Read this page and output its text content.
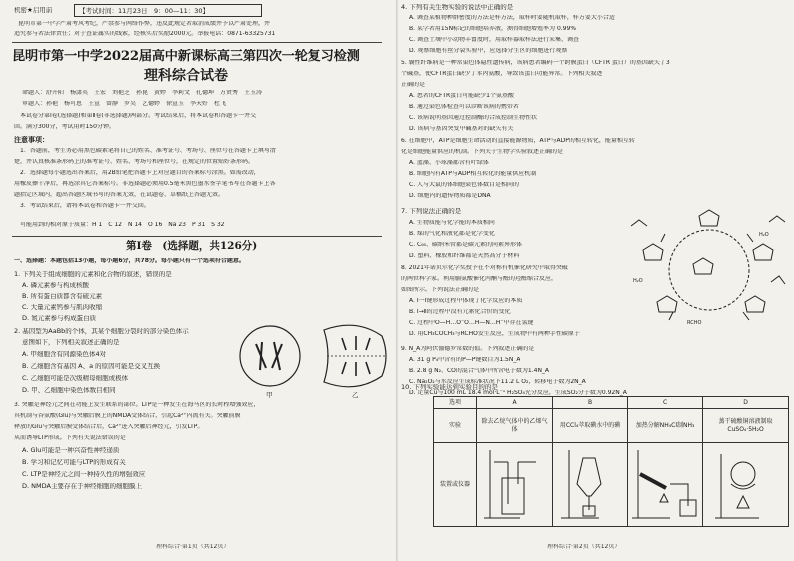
机密★启用前	【考试时间：11月23日　9：00—11：30】
昆明市第一中学严肃考风考纪，严禁参与网络作弊，违反此规定者取消成绩并予以严肃处理，并
追究参与者法律责任；对于查证属实的线索，经核实后奖励2000元。举报电话：0871-63325731
昆明市第一中学2022届高中新课标高三第四次一轮复习检测
理科综合试卷
命题人：舒开阳　杨潇英　王宏　刘艳芝　孙昆　黄婷　李莉文　孔德坤　方贤秀　王玉涛
审题人：孙艳　杨可恩　王宣　曾静　罗吴　艺德婷　徐宣玉　李天好　杜飞
　本试卷分第Ⅰ卷(选择题)和第Ⅱ卷(非选择题)两部分。考试结束后，将本试卷和答题卡一并交
回。满分300分，考试用时150分钟。
注意事项：
　1．答题前，考生务必用黑色碳素笔将自己的姓名、准考证号、考场号、座位号在答题卡上填写清
楚，并认真核准条形码上的准考证号、姓名、考场号和座位号，在规定的位置贴好条形码。
　2．选择题每小题选出答案后，用2B铅笔把答题卡上对应题目的答案标号涂黑。如需改动，
用橡皮擦干净后，再选涂其它答案标号。非选择题必须用0.5毫米黑色墨水签字笔书写在答题卡上各
题指定区域内，超出答题区域书写的答案无效，在试题卷、草稿纸上答题无效。
　3．考试结束后，请将本试卷和答题卡一并交回。
　可能用到的相对原子质量：H 1　C 12　N 14　O 16　Na 23　P 31　S 32
第Ⅰ卷　(选择题，共126分)
一、选择题：本题包括13小题，每小题6分，共78分。每小题只有一个选项符合题意。
1. 下列关于组成细胞的元素和化合物的叙述，错误的是
A. 磷元素参与构成核酸
B. 所有蛋白质都含有硫元素
C. 大量元素钙参与肌肉收缩
D. 氮元素参与构成蛋白质
2. 基因型为AaBb的个体，其某个细胞分裂时的部分染色体示
意图如下，下列相关叙述正确的是
A. 甲细胞含有同源染色体4对
B. 乙细胞含有基因 A、a 的原因可能是交叉互换
C. 乙细胞可能是次级精母细胞或极体
D. 甲、乙细胞中染色体数目相同
甲	乙
3. 突触是神经元之间在功能上发生联系的部位。LTP是一种发生在海马区的长时程增强效应，
其机制与谷氨酸(Glu)与突触后膜上的NMDA受体结合，引起Ca²⁺内流有关。突触前膜
释放的Glu与突触后膜受体结合后，Ca²⁺进入突触后神经元，引发LTP。
从而诱导LTP形成。下列有关说法错误的是
A. Glu可能是一种兴奋性神经递质
B. 学习和记忆可能与LTP的形成有关
C. LTP是神经元之间一种持久性的增强效应
D. NMDA主要存在于神经细胞的细胞膜上
理科综合·第1页（共12页）
4. 下列有关生物实验的说法中正确的是
A. 调查某植物种群密度的方法是样方法，取样时要随机取样，样方要大小合适
B. 某学者用15N标记的细胞培养液，测得细胞增殖率为 0.99%
C. 调查土壤中小动物丰富度时，用取样器取样法进行采集、调查
D. 观察细胞有丝分裂实验中，应选择分生区的细胞进行观察
5. 囊性纤维病是一种常染色体隐性遗传病，该病患者编码一个跨膜蛋白（CFTR 蛋白）的基因缺失了3
个碱基，使CFTR蛋白缺少了苯丙氨酸，导致该蛋白功能异常。下列相关叙述
正确的是
A. 患者的CFTR蛋白可能缺少1个氨基酸
B. 通过染色体检查可以诊断该病的携带者
C. 该病说明基因通过控制酶的合成控制生物性状
D. 该病与基因突变中碱基对的缺失有关
6. 在细胞中，ATP是细胞生命活动的直接能源物质，ATP与ADP的相互转化，能量相互转
化是细胞能量供应的机制。下列关于生物学实验叙述正确的是
A. 蓝藻、小球藻都含有叶绿体
B. 细胞内有ATP与ADP相互转化的能量供应机制
C. 人与大鼠的体细胞染色体数目是相同的
D. 细胞内的遗传物质都是DNA
7. 下列说法正确的是
A. 生物质能与化学能的本质相同
B. 煤的气化和液化都是化学变化
C. C₆₀、碳纳米管都是碳元素的同素异形体
D. 塑料、橡胶和纤维都是天然高分子材料
8. 2021年诺贝尔化学奖授予在不对称有机催化研究中取得突破
的两位科学家。利用脯氨酸催化丙酮与醛的羟醛缩合反应，
如图所示。下列说法正确的是
A. I一I键形成过程中体现了化学反应的本质
B. I→Ⅱ的过程中没有元素化合价的变化
C. 过程中O—H…O⁻O…H—N…H⁻中存在氢键
D. 用CH₃COCH₃与RCHO发生反应，生成物中有两种手性碳原子
RCHO
H₂O
H₂O
9. N_A为阿伏伽德罗常数的值。下列叙述正确的是
A. 31 g P₄中含有的P—P键数目为1.5N_A
B. 2.8 g N₂、CO的混合气体中所含电子数为1.4N_A
C. Na₂O₂与水反应生成标准状况下11.2 L O₂，转移电子数为2N_A
D. 足量Cu与100 mL 18.4 mol·L⁻¹ H₂SO₄充分反应，生成SO₂分子数为0.92N_A
10. 下列实验能达到实验目的的是
选项	A	B	C	D
实验	除去乙烷气体中的乙烯气体	用CCl₄萃取碘水中的碘	加热分解NH₄Cl制NH₃	蒸干硫酸铜溶液制取CuSO₄·5H₂O
装置或仪器				
理科综合·第2页（共12页）
